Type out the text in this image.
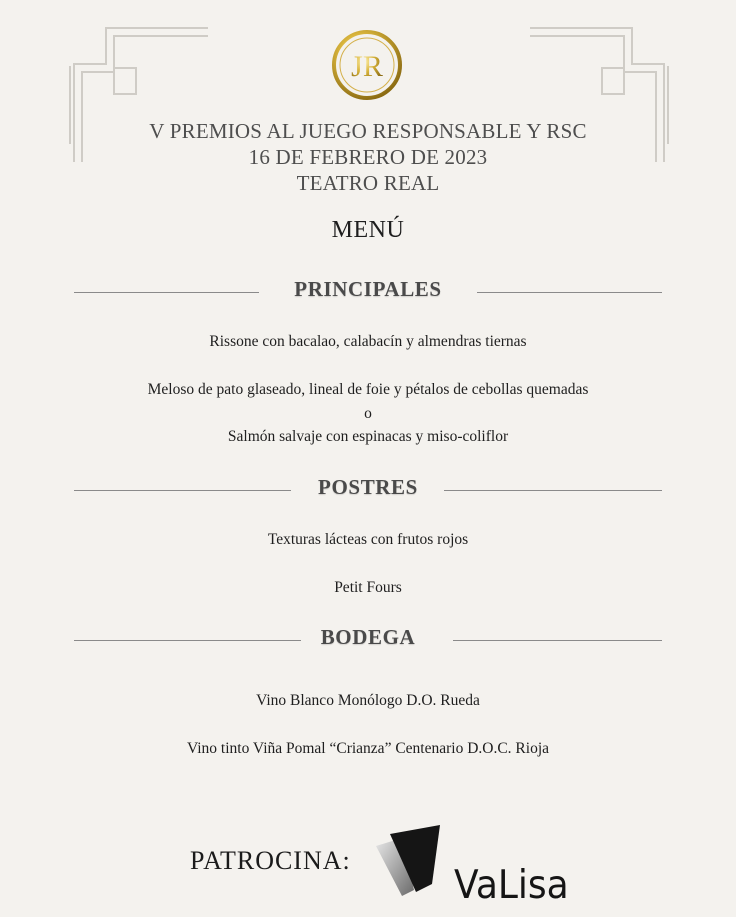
JR
V PREMIOS AL JUEGO RESPONSABLE Y RSC
16 DE FEBRERO DE 2023
TEATRO REAL
MENÚ
PRINCIPALES
Rissone con bacalao, calabacín y almendras tiernas
Meloso de pato glaseado, lineal de foie y pétalos de cebollas quemadas
o
Salmón salvaje con espinacas y miso-coliflor
POSTRES
Texturas lácteas con frutos rojos
Petit Fours
BODEGA
Vino Blanco Monólogo D.O. Rueda
Vino tinto Viña Pomal “Crianza” Centenario D.O.C. Rioja
PATROCINA:
VaLisa
